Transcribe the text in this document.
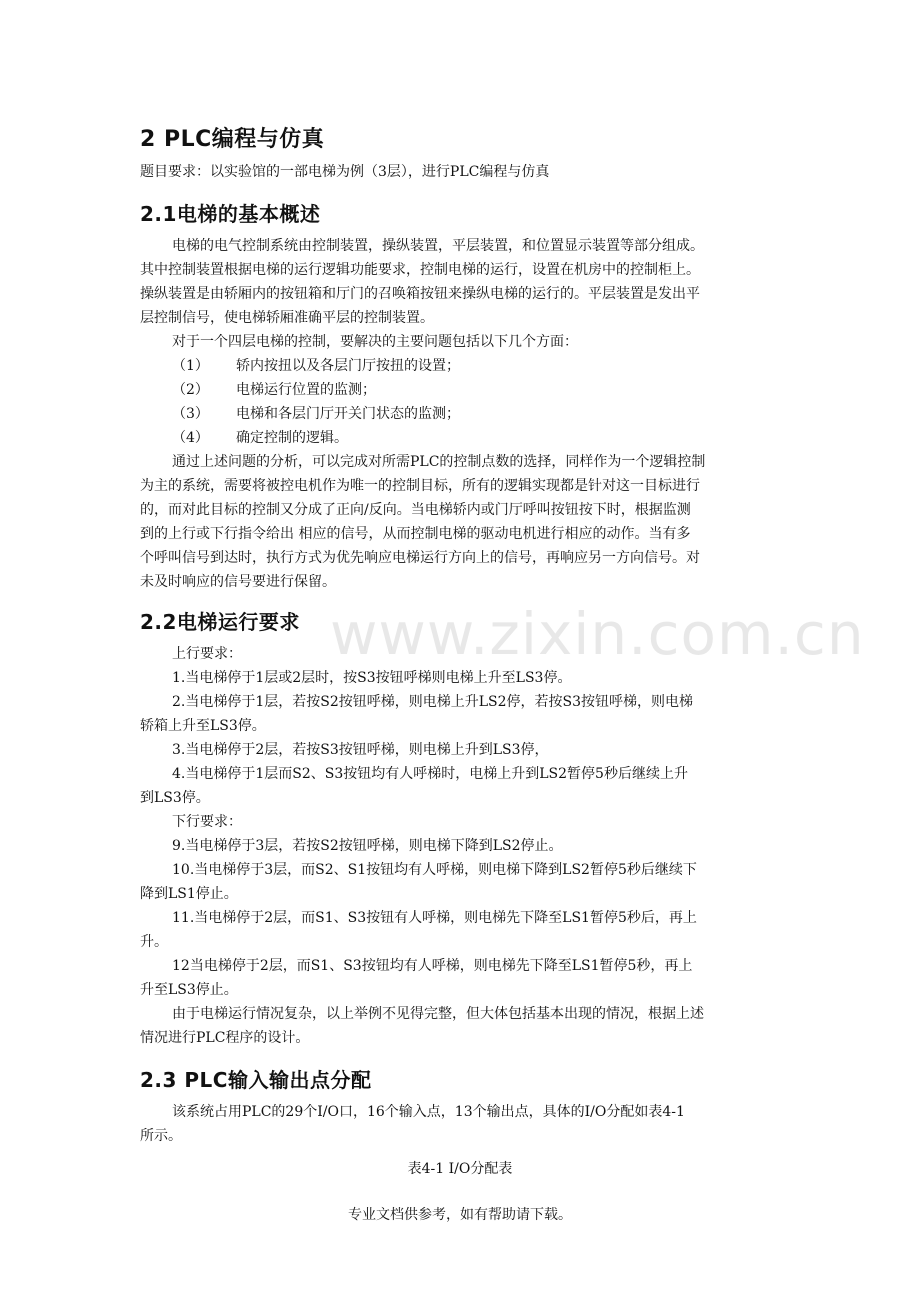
www.zixin.com.cn
2 PLC编程与仿真
题目要求：以实验馆的一部电梯为例（3层），进行PLC编程与仿真
2.1电梯的基本概述
电梯的电气控制系统由控制装置，操纵装置，平层装置，和位置显示装置等部分组成。
其中控制装置根据电梯的运行逻辑功能要求，控制电梯的运行，设置在机房中的控制柜上。
操纵装置是由轿厢内的按钮箱和厅门的召唤箱按钮来操纵电梯的运行的。平层装置是发出平
层控制信号，使电梯轿厢准确平层的控制装置。
对于一个四层电梯的控制，要解决的主要问题包括以下几个方面：
（1） 轿内按扭以及各层门厅按扭的设置；
（2） 电梯运行位置的监测；
（3） 电梯和各层门厅开关门状态的监测；
（4） 确定控制的逻辑。
通过上述问题的分析，可以完成对所需PLC的控制点数的选择，同样作为一个逻辑控制
为主的系统，需要将被控电机作为唯一的控制目标，所有的逻辑实现都是针对这一目标进行
的，而对此目标的控制又分成了正向/反向。当电梯轿内或门厅呼叫按钮按下时，根据监测
到的上行或下行指令给出 相应的信号，从而控制电梯的驱动电机进行相应的动作。当有多
个呼叫信号到达时，执行方式为优先响应电梯运行方向上的信号，再响应另一方向信号。对
未及时响应的信号要进行保留。
2.2电梯运行要求
上行要求：
1.当电梯停于1层或2层时，按S3按钮呼梯则电梯上升至LS3停。
2.当电梯停于1层，若按S2按钮呼梯，则电梯上升LS2停，若按S3按钮呼梯，则电梯
轿箱上升至LS3停。
3.当电梯停于2层，若按S3按钮呼梯，则电梯上升到LS3停，
4.当电梯停于1层而S2、S3按钮均有人呼梯时，电梯上升到LS2暂停5秒后继续上升
到LS3停。
下行要求：
9.当电梯停于3层，若按S2按钮呼梯，则电梯下降到LS2停止。
10.当电梯停于3层，而S2、S1按钮均有人呼梯，则电梯下降到LS2暂停5秒后继续下
降到LS1停止。
11.当电梯停于2层，而S1、S3按钮有人呼梯，则电梯先下降至LS1暂停5秒后，再上
升。
12当电梯停于2层，而S1、S3按钮均有人呼梯，则电梯先下降至LS1暂停5秒，再上
升至LS3停止。
由于电梯运行情况复杂，以上举例不见得完整，但大体包括基本出现的情况，根据上述
情况进行PLC程序的设计。
2.3 PLC输入输出点分配
该系统占用PLC的29个I/O口，16个输入点，13个输出点，具体的I/O分配如表4-1
所示。
表4-1 I/O分配表
专业文档供参考，如有帮助请下载。
